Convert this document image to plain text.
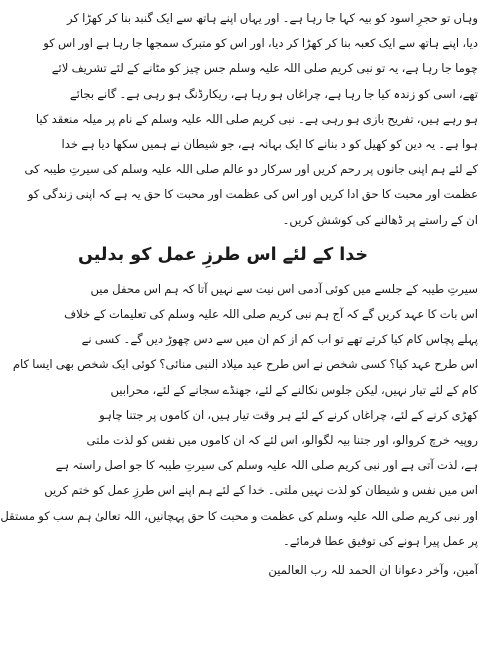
وہاں تو حجرِ اسود کو بیہ کہا جا رہا ہے۔ اور یہاں اپنے ہاتھ سے ایک گنبد بنا کر کھڑا کر
دیا، اپنے ہاتھ سے ایک کعبہ بنا کر کھڑا کر دیا، اور اس کو متبرک سمجھا جا رہا ہے اور اس کو
چوما جا رہا ہے، یہ تو نبی کریم صلی اللہ علیہ وسلم جس چیز کو مٹانے کے لئے تشریف لائے
تھے، اسی کو زندہ کیا جا رہا ہے، چراغاں ہو رہا ہے، ریکارڈنگ ہو رہی ہے۔ گانے بجائے
ہو رہے ہیں، تفریح بازی ہو رہی ہے۔ نبی کریم صلی اللہ علیہ وسلم کے نام پر میلہ منعقد کیا
ہوا ہے۔ یہ دین کو کھیل کو د بنانے کا ایک بہانہ ہے، جو شیطان نے ہمیں سکھا دیا ہے خدا
کے لئے ہم اپنی جانوں پر رحم کریں اور سرکار دو عالم صلی اللہ علیہ وسلم کی سیرتِ طیبہ کی
عظمت اور محبت کا حق ادا کریں اور اس کی عظمت اور محبت کا حق یہ ہے کہ اپنی زندگی کو
ان کے راستے پر ڈھالنے کی کوشش کریں۔
خدا کے لئے اس طرزِ عمل کو بدلیں
سیرتِ طیبہ کے جلسے میں کوئی آدمی اس نیت سے نہیں آتا کہ ہم اس محفل میں
اس بات کا عہد کریں گے کہ آج ہم نبی کریم صلی اللہ علیہ وسلم کی تعلیمات کے خلاف
پہلے پچاس کام کیا کرتے تھے تو اب کم از کم ان میں سے دس چھوڑ دیں گے۔ کسی نے
اس طرح عہد کیا؟ کسی شخص نے اس طرح عید میلاد النبی منائی؟ کوئی ایک شخص بھی ایسا کام
کام کے لئے تیار نہیں، لیکن جلوس نکالنے کے لئے، جھنڈے سجانے کے لئے، محرابیں
کھڑی کرنے کے لئے، چراغاں کرنے کے لئے ہر وقت تیار ہیں، ان کاموں پر جتنا چاہو
روپیہ خرچ کروالو، اور جتنا بیہ لگوالو، اس لئے کہ ان کاموں میں نفس کو لذت ملتی
ہے، لذت آتی ہے اور نبی کریم صلی اللہ علیہ وسلم کی سیرتِ طیبہ کا جو اصل راستہ ہے
اس میں نفس و شیطان کو لذت نہیں ملتی۔ خدا کے لئے ہم اپنے اس طرزِ عمل کو ختم کریں
اور نبی کریم صلی اللہ علیہ وسلم کی عظمت و محبت کا حق پہچانیں، اللہ تعالیٰ ہم سب کو مستقل
پر عمل پیرا ہونے کی توفیق عطا فرمائے۔
آمین، وآخر دعوانا ان الحمد للہ رب العالمین
